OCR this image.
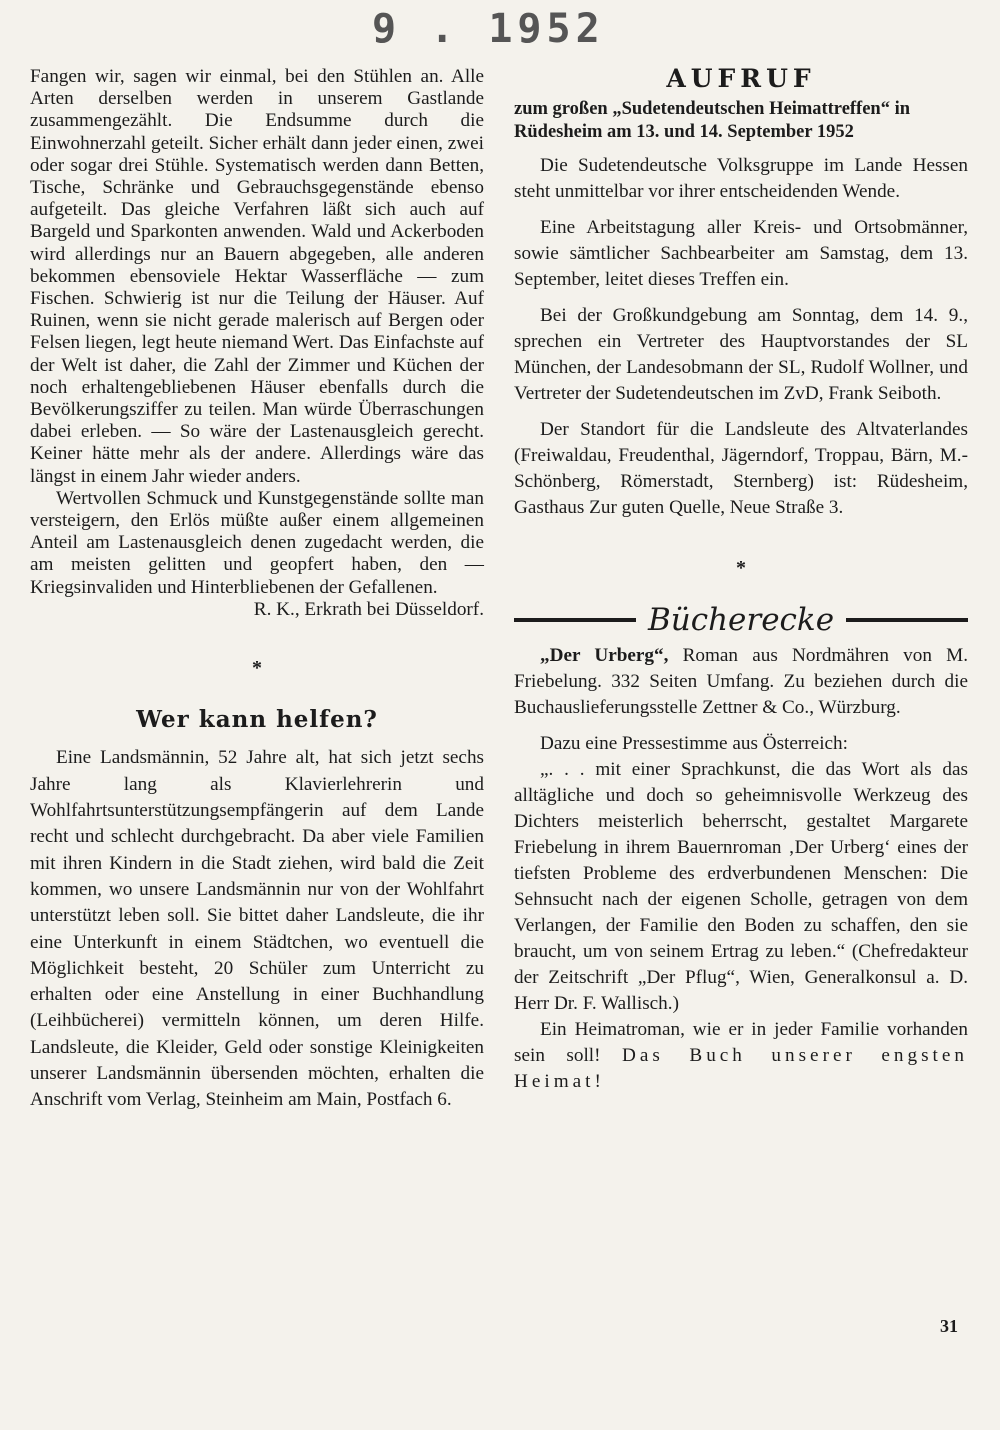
9 . 1952

Fangen wir, sagen wir einmal, bei den Stühlen an. Alle Arten derselben werden in unserem Gastlande zusammengezählt. Die Endsumme durch die Einwohnerzahl geteilt. Sicher erhält dann jeder einen, zwei oder sogar drei Stühle. Systematisch werden dann Betten, Tische, Schränke und Gebrauchsgegenstände ebenso aufgeteilt. Das gleiche Verfahren läßt sich auch auf Bargeld und Sparkonten anwenden. Wald und Ackerboden wird allerdings nur an Bauern abgegeben, alle anderen bekommen ebensoviele Hektar Wasserfläche — zum Fischen. Schwierig ist nur die Teilung der Häuser. Auf Ruinen, wenn sie nicht gerade malerisch auf Bergen oder Felsen liegen, legt heute niemand Wert. Das Einfachste auf der Welt ist daher, die Zahl der Zimmer und Küchen der noch erhaltengebliebenen Häuser ebenfalls durch die Bevölkerungsziffer zu teilen. Man würde Überraschungen dabei erleben. — So wäre der Lastenausgleich gerecht. Keiner hätte mehr als der andere. Allerdings wäre das längst in einem Jahr wieder anders.

Wertvollen Schmuck und Kunstgegenstände sollte man versteigern, den Erlös müßte außer einem allgemeinen Anteil am Lastenausgleich denen zugedacht werden, die am meisten gelitten und geopfert haben, den — Kriegsinvaliden und Hinterbliebenen der Gefallenen.

R. K., Erkrath bei Düsseldorf.

*

Wer kann helfen?

Eine Landsmännin, 52 Jahre alt, hat sich jetzt sechs Jahre lang als Klavierlehrerin und Wohlfahrtsunterstützungsempfängerin auf dem Lande recht und schlecht durchgebracht. Da aber viele Familien mit ihren Kindern in die Stadt ziehen, wird bald die Zeit kommen, wo unsere Landsmännin nur von der Wohlfahrt unterstützt leben soll. Sie bittet daher Landsleute, die ihr eine Unterkunft in einem Städtchen, wo eventuell die Möglichkeit besteht, 20 Schüler zum Unterricht zu erhalten oder eine Anstellung in einer Buchhandlung (Leihbücherei) vermitteln können, um deren Hilfe. Landsleute, die Kleider, Geld oder sonstige Kleinigkeiten unserer Landsmännin übersenden möchten, erhalten die Anschrift vom Verlag, Steinheim am Main, Postfach 6.

AUFRUF

zum großen „Sudetendeutschen Heimattreffen“ in Rüdesheim am 13. und 14. September 1952

Die Sudetendeutsche Volksgruppe im Lande Hessen steht unmittelbar vor ihrer entscheidenden Wende.

Eine Arbeitstagung aller Kreis- und Ortsobmänner, sowie sämtlicher Sachbearbeiter am Samstag, dem 13. September, leitet dieses Treffen ein.

Bei der Großkundgebung am Sonntag, dem 14. 9., sprechen ein Vertreter des Hauptvorstandes der SL München, der Landesobmann der SL, Rudolf Wollner, und Vertreter der Sudetendeutschen im ZvD, Frank Seiboth.

Der Standort für die Landsleute des Altvaterlandes (Freiwaldau, Freudenthal, Jägerndorf, Troppau, Bärn, M.-Schönberg, Römerstadt, Sternberg) ist: Rüdesheim, Gasthaus Zur guten Quelle, Neue Straße 3.

*

Bücherecke

„Der Urberg“, Roman aus Nordmähren von M. Friebelung. 332 Seiten Umfang. Zu beziehen durch die Buchauslieferungsstelle Zettner & Co., Würzburg.

Dazu eine Pressestimme aus Österreich:

„. . . mit einer Sprachkunst, die das Wort als das alltägliche und doch so geheimnisvolle Werkzeug des Dichters meisterlich beherrscht, gestaltet Margarete Friebelung in ihrem Bauernroman ‚Der Urberg‘ eines der tiefsten Probleme des erdverbundenen Menschen: Die Sehnsucht nach der eigenen Scholle, getragen von dem Verlangen, der Familie den Boden zu schaffen, den sie braucht, um von seinem Ertrag zu leben.“ (Chefredakteur der Zeitschrift „Der Pflug“, Wien, Generalkonsul a. D. Herr Dr. F. Wallisch.)

Ein Heimatroman, wie er in jeder Familie vorhanden sein soll! Das Buch unserer engsten Heimat!

31
